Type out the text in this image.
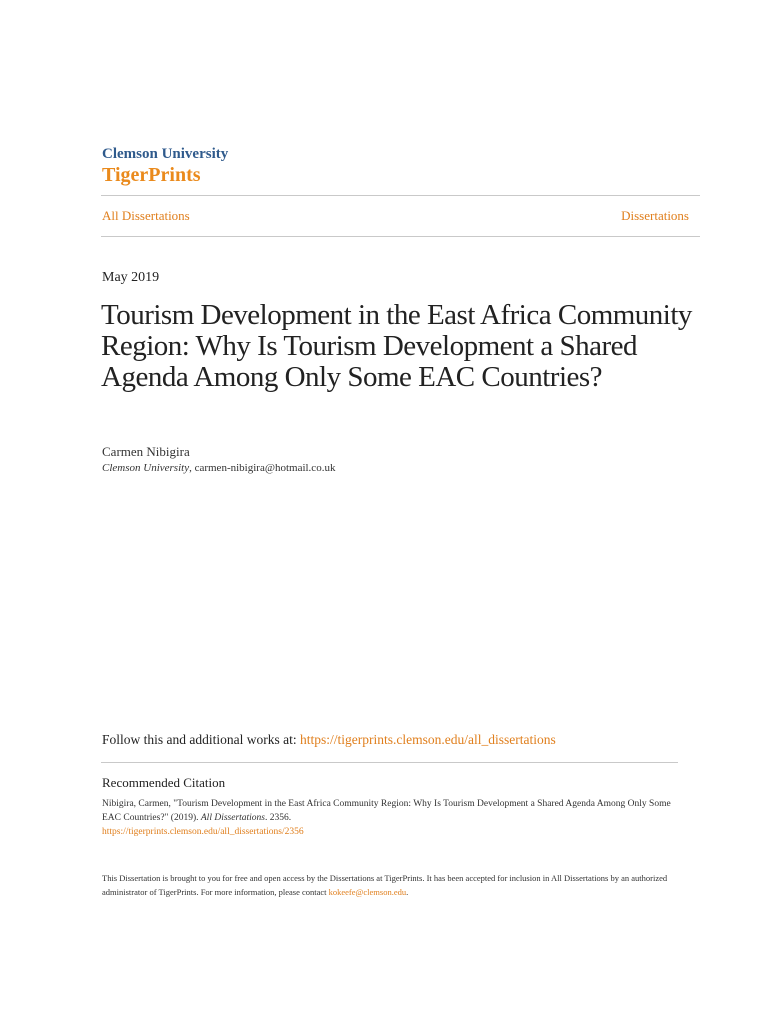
Clemson University
TigerPrints
All Dissertations	Dissertations
May 2019
Tourism Development in the East Africa Community Region: Why Is Tourism Development a Shared Agenda Among Only Some EAC Countries?
Carmen Nibigira
Clemson University, carmen-nibigira@hotmail.co.uk
Follow this and additional works at: https://tigerprints.clemson.edu/all_dissertations
Recommended Citation
Nibigira, Carmen, "Tourism Development in the East Africa Community Region: Why Is Tourism Development a Shared Agenda Among Only Some EAC Countries?" (2019). All Dissertations. 2356.
https://tigerprints.clemson.edu/all_dissertations/2356
This Dissertation is brought to you for free and open access by the Dissertations at TigerPrints. It has been accepted for inclusion in All Dissertations by an authorized administrator of TigerPrints. For more information, please contact kokeefe@clemson.edu.
